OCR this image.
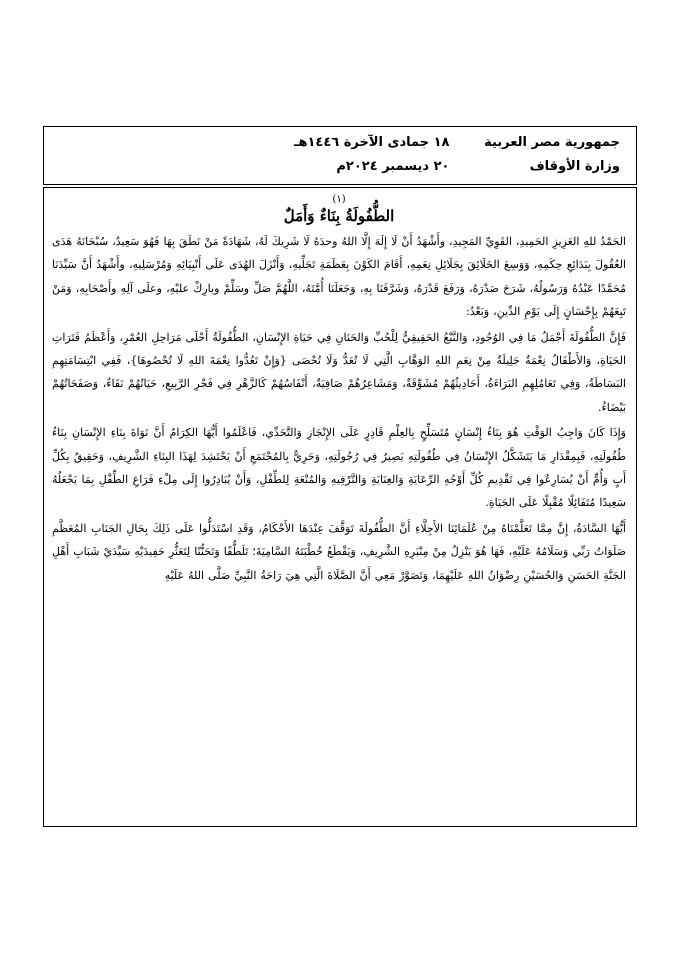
جمهورية مصر العربية
وزارة الأوقاف
١٨ جمادى الآخرة ١٤٤٦هـ
٢٠ ديسمبر ٢٠٢٤م

(١)

الطُّفُولَةُ بِنَاءٌ وَأَمَلٌ

الحَمْدُ للهِ العَزِيزِ الحَمِيدِ، القَوِيِّ المَجِيدِ، وأَشْهَدُ أَنْ لَا إِلَهَ إِلَّا اللهُ وحدَهُ لَا شَرِيكَ لَهُ، شَهَادَةً مَنْ نَطَقَ بِهَا فَهُوَ سَعِيدٌ، سُبْحَانَهُ هَدَى العُقُولَ بِبَدَائِعِ حِكَمِهِ، وَوَسِعَ الخَلَائِقَ بِجَلَائِلِ نِعَمِهِ، أَقَامَ الكَوْنَ بِعَظَمَةِ تَجَلِّيهِ، وَأَنْزَلَ الهُدَى عَلَى أَنْبِيَائِهِ وَمُرْسَلِيهِ، وأَشْهَدُ أَنَّ سَيِّدَنَا مُحَمَّدًا عَبْدُهُ وَرَسُولُهُ، شَرَحَ صَدْرَهُ، وَرَفَعَ قَدْرَهُ، وَشَرَّفَنَا بِهِ، وَجَعَلَنَا أُمَّتَهُ، اللَّهُمَّ صَلِّ وسَلِّمْ وبارِكْ عليْهِ، وعلَى آلِهِ وأَصْحَابِهِ، وَمَنْ تَبِعَهُمْ بِإِحْسَانٍ إِلَى يَوْمِ الدِّينِ، وَبَعْدُ:

فَإِنَّ الطُّفُولَةَ أَجْمَلُ مَا فِي الوُجُودِ، وَالنَّبْعُ الحَقِيقِيُّ لِلْحُبِّ وَالحَنَانِ فِي حَيَاةِ الإِنْسَانِ، الطُّفُولَةُ أَحْلَى مَرَاحِلِ العُمْرِ، وَأَعْظَمُ فَتَرَاتِ الحَيَاةِ، وَالأَطْفَالُ نِعْمَةٌ جَلِيلَةٌ مِنْ نِعَمِ اللهِ الوَهَّابِ الَّتِي لَا تُعَدُّ وَلَا تُحْصَى {وَإِنْ تَعُدُّوا نِعْمَةَ اللهِ لَا تُحْصُوهَا}، فَفِي ابْتِسَامَتِهِمِ البَسَاطَةُ، وَفِي تَعَامُلِهِمِ البَرَاءَةُ، أَحَادِيثُهُمْ مُشَوِّقَةٌ، وَمَشَاعِرُهُمْ صَافِيَةٌ، أَنْفَاسُهُمْ كَالزَّهْرِ فِي فَجْرِ الرَّبِيعِ، حَيَاتُهُمْ نَقَاءٌ، وَصَفَحَاتُهُمْ بَيْضَاءُ.

وَإِذَا كَانَ وَاجِبُ الوَقْتِ هُوَ بِنَاءُ إِنْسَانٍ مُتَسَلِّحٍ بِالعِلْمِ قَادِرٍ عَلَى الإِنْجَازِ وَالتَّحَدِّي، فَاعْلَمُوا أَيُّهَا الكِرَامُ أَنَّ نَوَاةَ بِنَاءِ الإِنْسَانِ بِنَاءُ طُفُولَتِهِ، فَبِمِقْدَارِ مَا يَتَشَكَّلُ الإِنْسَانُ فِي طُفُولَتِهِ يَصِيرُ فِي رُجُولَتِهِ، وَحَرِيٌّ بِالمُجْتَمَعِ أَنْ يَحْتَشِدَ لِهَذَا البِنَاءِ الشَّرِيفِ، وَحَقِيقٌ بِكُلِّ أَبٍ وَأُمٍّ أَنْ يُسَارِعُوا فِي تَقْدِيمِ كُلِّ أَوْجُهِ الرِّعَايَةِ وَالعِنَايَةِ وَالتَّرْفِيهِ وَالمُتْعَةِ لِلطِّفْلِ، وَأَنْ يُبَادِرُوا إِلَى مِلْءِ فَرَاغِ الطِّفْلِ بِمَا يَجْعَلُهُ سَعِيدًا مُتَفَائِلًا مُقْبِلًا عَلَى الحَيَاةِ.

أَيُّهَا السَّادَةُ، إِنَّ مِمَّا تَعَلَّمْنَاهُ مِنْ عُلَمَائِنَا الأَجِلَّاءِ أَنَّ الطُّفُولَةَ تَوَقَّفَ عِنْدَهَا الأَحْكَامُ، وَقَدِ اسْتَدَلُّوا عَلَى ذَلِكَ بِحَالِ الجَنَابِ المُعَظَّمِ صَلَوَاتُ رَبِّي وَسَلَامُهُ عَلَيْهِ، فَهَا هُوَ يَنْزِلُ مِنْ مِنْبَرِهِ الشَّرِيفِ، وَيَقْطَعُ خُطْبَتَهُ السَّامِيَةَ؛ تَلَطُّفًا وَتَحَنُّنًا لِتَعَثُّرِ حَفِيدَيْهِ سَيِّدَيْ شَبَابِ أَهْلِ الجَنَّةِ الحَسَنِ وَالحُسَيْنِ رِضْوَانُ اللهِ عَلَيْهِمَا، وَتَصَوَّرْ مَعِي أَنَّ الصَّلَاةَ الَّتِي هِيَ رَاحَةُ النَّبِيِّ صَلَّى اللهُ عَلَيْهِ
